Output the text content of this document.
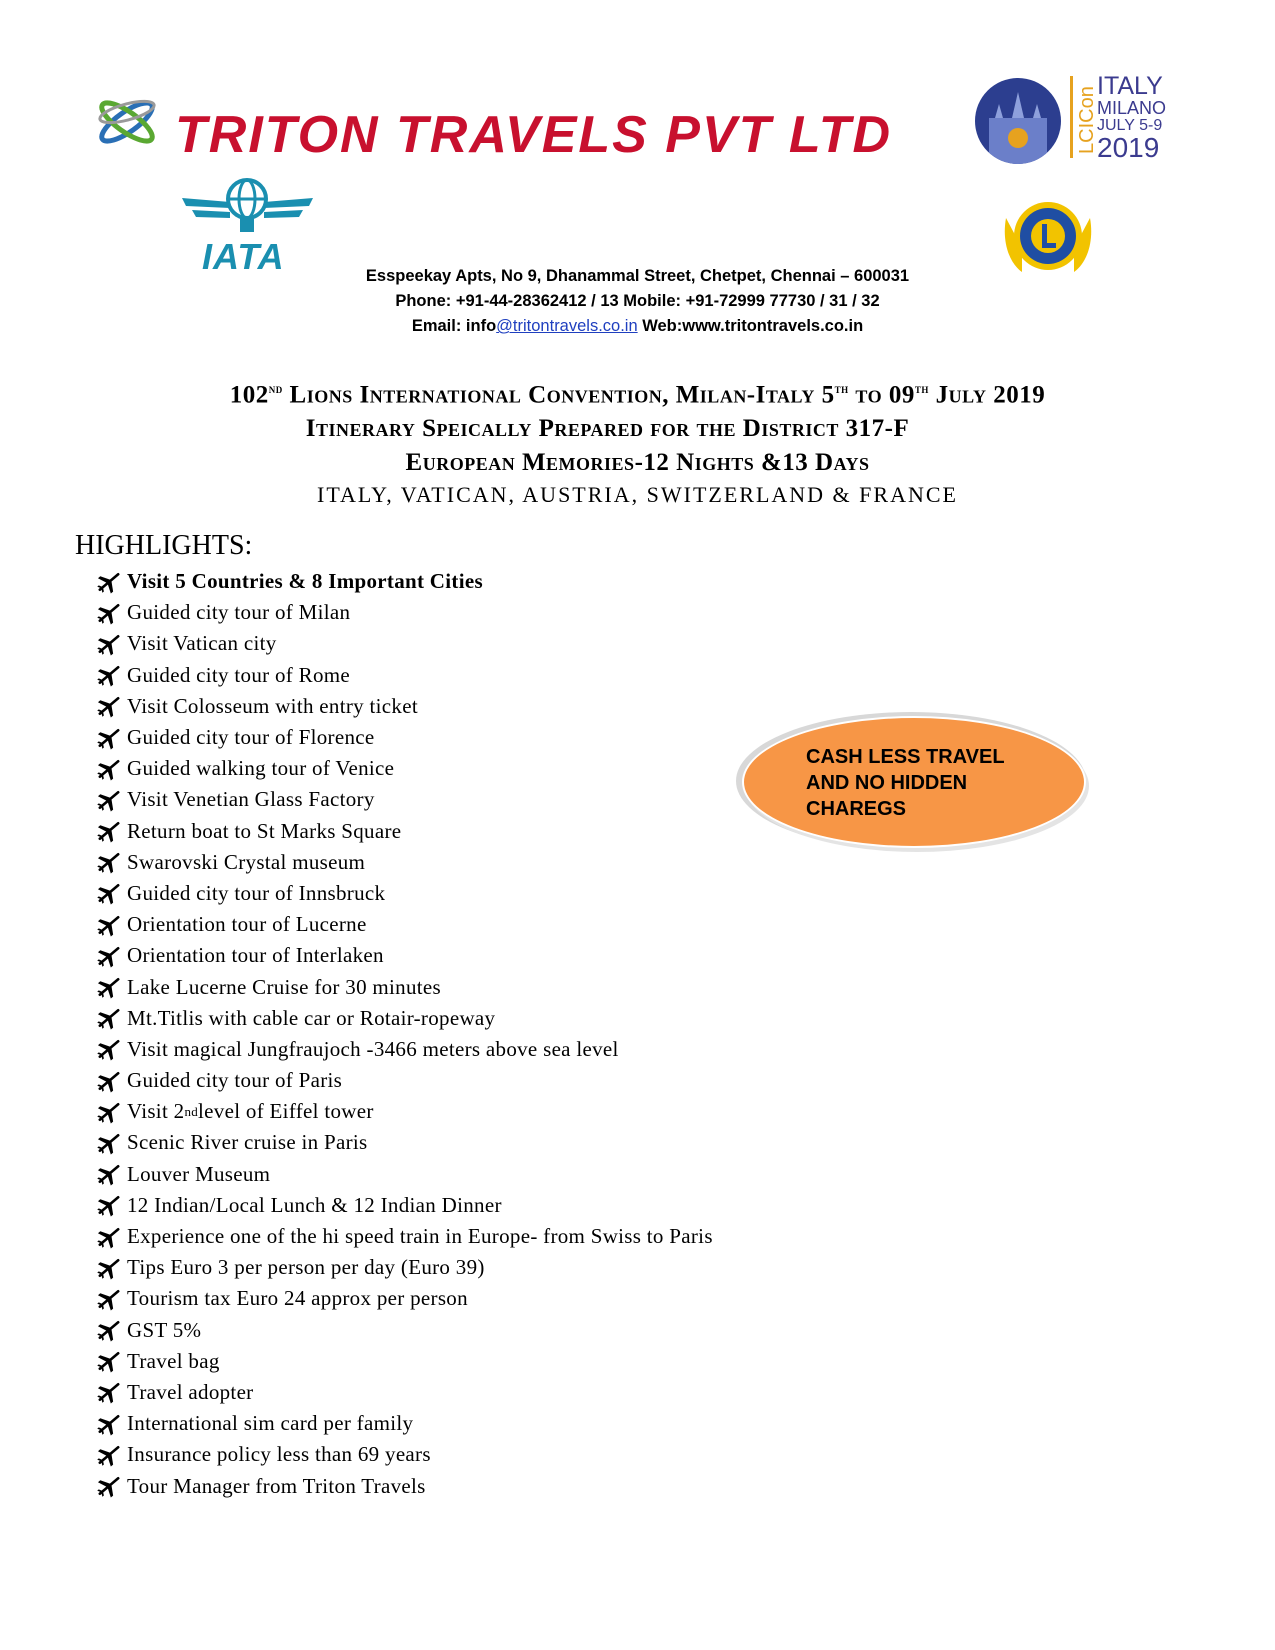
TRITON TRAVELS PVT LTD	LCICon
ITALY
MILANO
JULY 5-9
2019
IATA	Esspeekay Apts, No 9, Dhanammal Street, Chetpet, Chennai – 600031
Phone: +91-44-28362412 / 13 Mobile: +91-72999 77730 / 31 / 32
Email: info@tritontravels.co.in Web:www.tritontravels.co.in
102nd Lions International Convention, Milan-Italy 5th to 09th July 2019
Itinerary Speically Prepared for the District 317-F
European Memories-12 Nights &13 Days
ITALY, VATICAN, AUSTRIA, SWITZERLAND & FRANCE
HIGHLIGHTS:
Visit 5 Countries & 8 Important Cities
Guided city tour of Milan
Visit Vatican city
Guided city tour of Rome
Visit Colosseum with entry ticket
Guided city tour of Florence
Guided walking tour of Venice
Visit Venetian Glass Factory
Return boat to St Marks Square
Swarovski Crystal museum
Guided city tour of Innsbruck
Orientation tour of Lucerne
Orientation tour of Interlaken
Lake Lucerne Cruise for 30 minutes
Mt.Titlis with cable car or Rotair-ropeway
Visit magical Jungfraujoch -3466 meters above sea level
Guided city tour of Paris
Visit 2 nd level of Eiffel tower
Scenic River cruise in Paris
Louver Museum
12 Indian/Local Lunch & 12 Indian Dinner
Experience one of the hi speed train in Europe- from Swiss to Paris
Tips Euro 3 per person per day (Euro 39)
Tourism tax Euro 24 approx per person
GST 5%
Travel bag
Travel adopter
International sim card per family
Insurance policy less than 69 years
Tour Manager from Triton Travels
CASH LESS TRAVEL AND NO HIDDEN CHAREGS
